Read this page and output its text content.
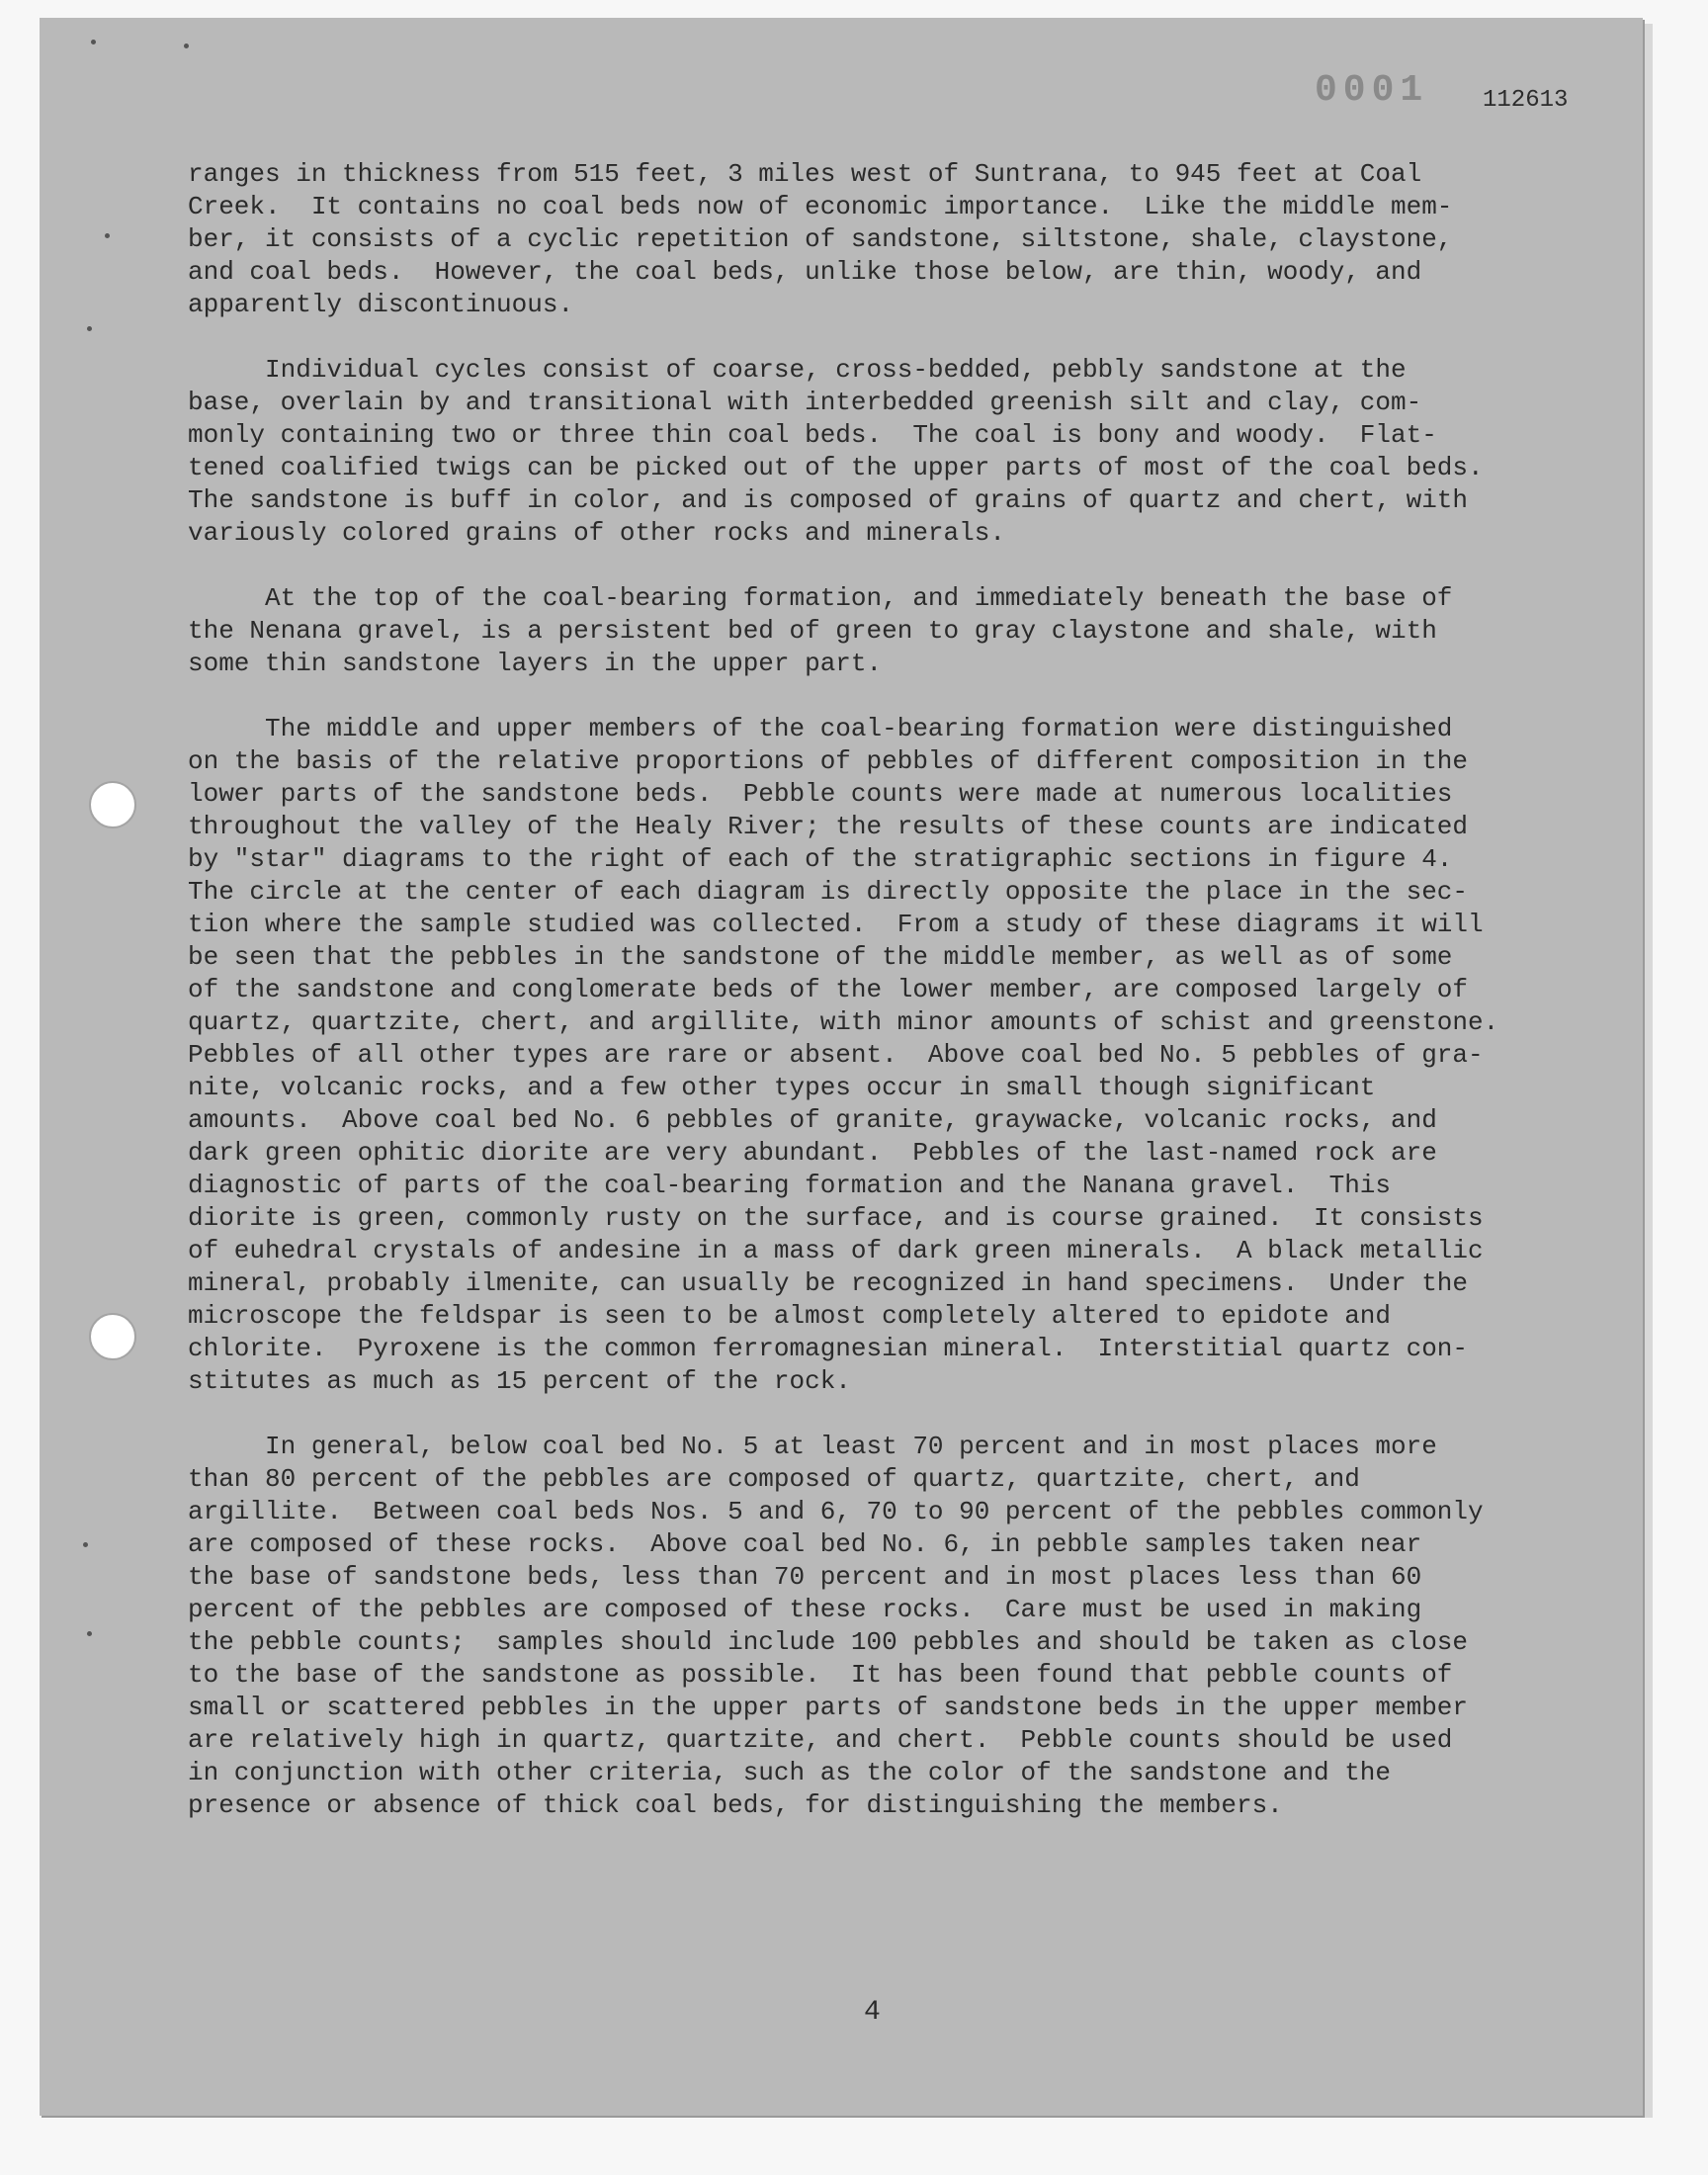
0001 112613
ranges in thickness from 515 feet, 3 miles west of Suntrana, to 945 feet at Coal
Creek.  It contains no coal beds now of economic importance.  Like the middle mem-
ber, it consists of a cyclic repetition of sandstone, siltstone, shale, claystone,
and coal beds.  However, the coal beds, unlike those below, are thin, woody, and
apparently discontinuous.
Individual cycles consist of coarse, cross-bedded, pebbly sandstone at the
base, overlain by and transitional with interbedded greenish silt and clay, com-
monly containing two or three thin coal beds.  The coal is bony and woody.  Flat-
tened coalified twigs can be picked out of the upper parts of most of the coal beds.
The sandstone is buff in color, and is composed of grains of quartz and chert, with
variously colored grains of other rocks and minerals.
At the top of the coal-bearing formation, and immediately beneath the base of
the Nenana gravel, is a persistent bed of green to gray claystone and shale, with
some thin sandstone layers in the upper part.
The middle and upper members of the coal-bearing formation were distinguished
on the basis of the relative proportions of pebbles of different composition in the
lower parts of the sandstone beds.  Pebble counts were made at numerous localities
throughout the valley of the Healy River; the results of these counts are indicated
by "star" diagrams to the right of each of the stratigraphic sections in figure 4.
The circle at the center of each diagram is directly opposite the place in the sec-
tion where the sample studied was collected.  From a study of these diagrams it will
be seen that the pebbles in the sandstone of the middle member, as well as of some
of the sandstone and conglomerate beds of the lower member, are composed largely of
quartz, quartzite, chert, and argillite, with minor amounts of schist and greenstone.
Pebbles of all other types are rare or absent.  Above coal bed No. 5 pebbles of gra-
nite, volcanic rocks, and a few other types occur in small though significant
amounts.  Above coal bed No. 6 pebbles of granite, graywacke, volcanic rocks, and
dark green ophitic diorite are very abundant.  Pebbles of the last-named rock are
diagnostic of parts of the coal-bearing formation and the Nanana gravel.  This
diorite is green, commonly rusty on the surface, and is course grained.  It consists
of euhedral crystals of andesine in a mass of dark green minerals.  A black metallic
mineral, probably ilmenite, can usually be recognized in hand specimens.  Under the
microscope the feldspar is seen to be almost completely altered to epidote and
chlorite.  Pyroxene is the common ferromagnesian mineral.  Interstitial quartz con-
stitutes as much as 15 percent of the rock.
In general, below coal bed No. 5 at least 70 percent and in most places more
than 80 percent of the pebbles are composed of quartz, quartzite, chert, and
argillite.  Between coal beds Nos. 5 and 6, 70 to 90 percent of the pebbles commonly
are composed of these rocks.  Above coal bed No. 6, in pebble samples taken near
the base of sandstone beds, less than 70 percent and in most places less than 60
percent of the pebbles are composed of these rocks.  Care must be used in making
the pebble counts;  samples should include 100 pebbles and should be taken as close
to the base of the sandstone as possible.  It has been found that pebble counts of
small or scattered pebbles in the upper parts of sandstone beds in the upper member
are relatively high in quartz, quartzite, and chert.  Pebble counts should be used
in conjunction with other criteria, such as the color of the sandstone and the
presence or absence of thick coal beds, for distinguishing the members.
4
